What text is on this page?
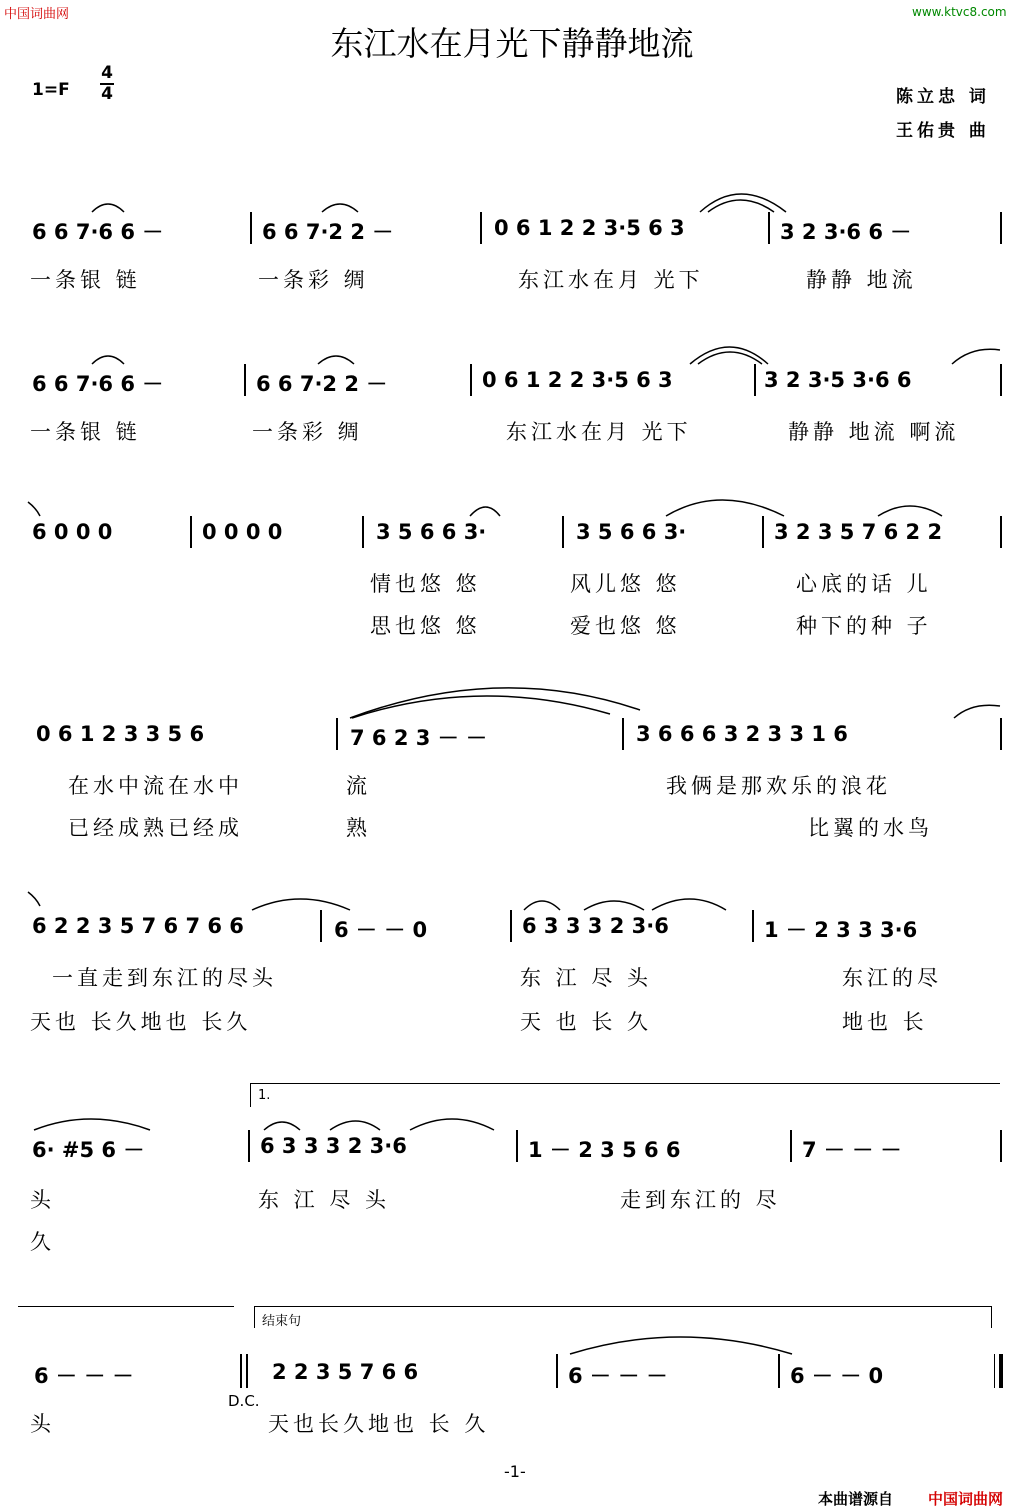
中国词曲网	www.ktvc8.com
东江水在月光下静静地流
1=F
4
4	陈立忠 词
王佑贵 曲
6 6 7·6 6 －	6 6 7·2 2 －	0 6 1 2 2 3·5 6 3	3 2 3·6 6 －
一条银 链	一条彩 绸	东江水在月 光下	静静 地流
6 6 7·6 6 －	6 6 7·2 2 －	0 6 1 2 2 3·5 6 3	3 2 3·5 3·6 6
一条银 链	一条彩 绸	东江水在月 光下	静静 地流 啊流
6 0 0 0	0 0 0 0	3 5 6 6 3·	3 5 6 6 3·	3 2 3 5 7 6 2 2
情也悠 悠	风儿悠 悠	心底的话 儿
思也悠 悠	爱也悠 悠	种下的种 子
0 6 1 2 3 3 5 6	7 6 2 3 － －	3 6 6 6 3 2 3 3 1 6
在水中流在水中	流	我俩是那欢乐的浪花
已经成熟已经成	熟	比翼的水鸟
6 2 2 3 5 7 6 7 6 6	6 － － 0	6 3 3 3 2 3·6	1 － 2 3 3 3·6
一直走到东江的尽头	东 江 尽 头	东江的尽
天也 长久地也 长久	天 也 长 久	地也 长
1.
6· #5 6 －	6 3 3 3 2 3·6	1 － 2 3 5 6 6	7 － － －
头	东 江 尽 头	走到东江的 尽
久
结束句
6 － － －
D.C.
2 2 3 5 7 6 6	6 － － －	6 － － 0
头	天也长久地也 长 久
-1-
本曲谱源自 中国词曲网
